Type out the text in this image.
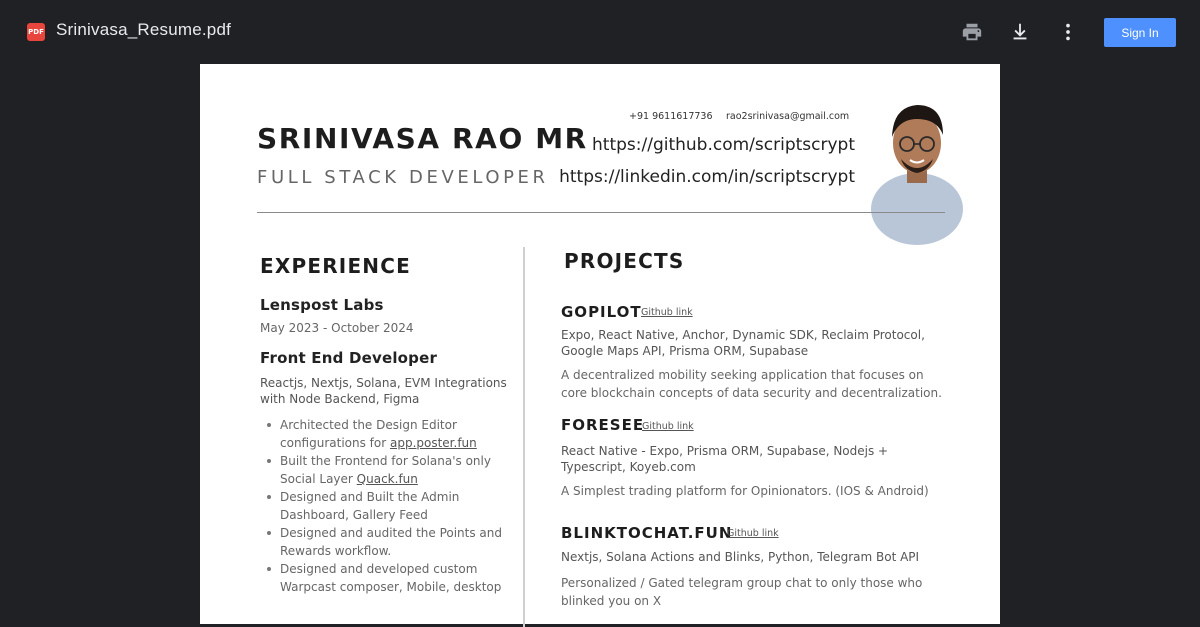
PDF Srinivasa_Resume.pdf	Sign In
SRINIVASA RAO MR
FULL STACK DEVELOPER
+91 9611617736 rao2srinivasa@gmail.com
https://github.com/scriptscrypt
https://linkedin.com/in/scriptscrypt
EXPERIENCE
Lenspost Labs
May 2023 - October 2024
Front End Developer
Reactjs, Nextjs, Solana, EVM Integrations with Node Backend, Figma
Architected the Design Editor configurations for app.poster.fun
Built the Frontend for Solana's only Social Layer Quack.fun
Designed and Built the Admin Dashboard, Gallery Feed
Designed and audited the Points and Rewards workflow.
Designed and developed custom Warpcast composer, Mobile, desktop
PROJECTS
GOPILOT Github link
Expo, React Native, Anchor, Dynamic SDK, Reclaim Protocol, Google Maps API, Prisma ORM, Supabase
A decentralized mobility seeking application that focuses on core blockchain concepts of data security and decentralization.
FORESEE
Github link
React Native - Expo, Prisma ORM, Supabase, Nodejs + Typescript, Koyeb.com
A Simplest trading platform for Opinionators. (IOS & Android)
BLINKTOCHAT.FUN
Github link
Nextjs, Solana Actions and Blinks, Python, Telegram Bot API
Personalized / Gated telegram group chat to only those who blinked you on X
